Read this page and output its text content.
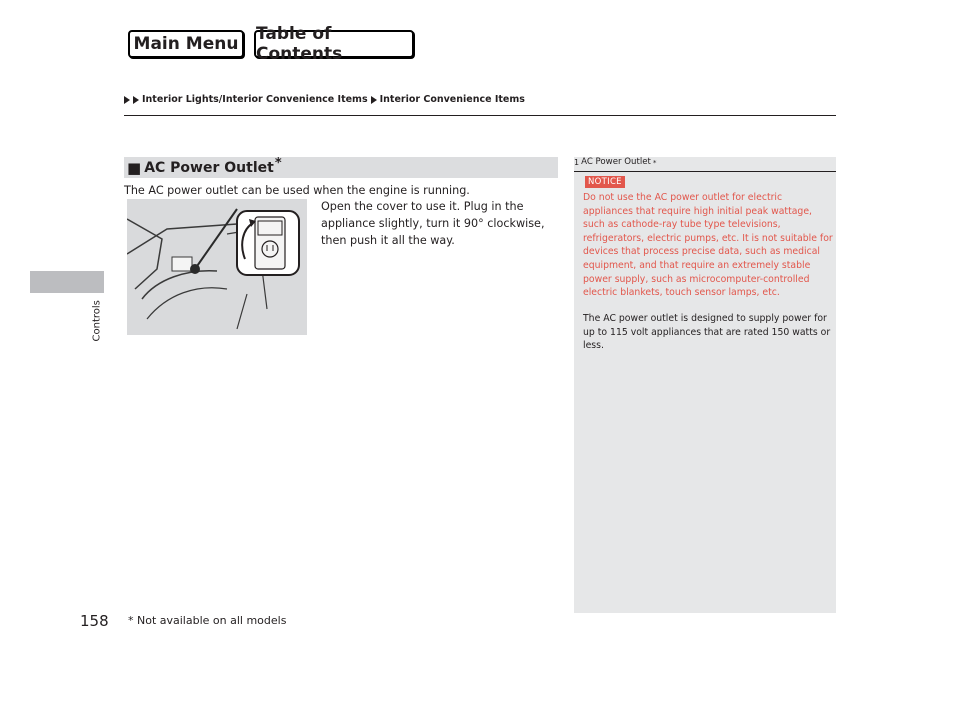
Main Menu	Table of Contents
Interior Lights/Interior Convenience Items Interior Convenience Items
Controls
■ AC Power Outlet *
The AC power outlet can be used when the engine is running.
Open the cover to use it. Plug in the appliance slightly, turn it 90° clockwise, then push it all the way.
1 AC Power Outlet *
NOTICE
Do not use the AC power outlet for electric appliances that require high initial peak wattage, such as cathode-ray tube type televisions, refrigerators, electric pumps, etc. It is not suitable for devices that process precise data, such as medical equipment, and that require an extremely stable power supply, such as microcomputer-controlled electric blankets, touch sensor lamps, etc.
The AC power outlet is designed to supply power for up to 115 volt appliances that are rated 150 watts or less.
158 * Not available on all models
